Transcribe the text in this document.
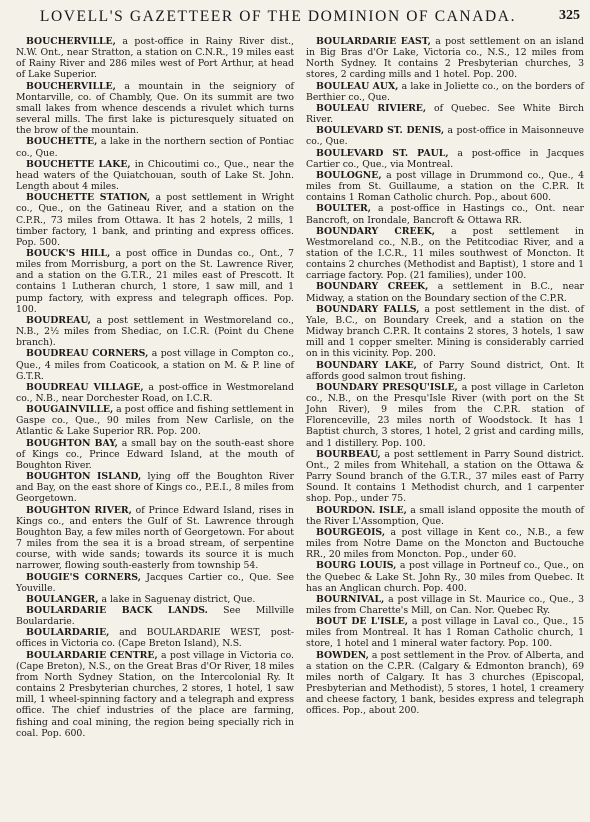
LOVELL'S GAZETTEER OF THE DOMINION OF CANADA.	325

BOUCHERVILLE, a post-office in Rainy River dist., N.W. Ont., near Stratton, a station on C.N.R., 19 miles east of Rainy River and 286 miles west of Port Arthur, at head of Lake Superior.

BOUCHERVILLE, a mountain in the seigniory of Montarville, co. of Chambly, Que. On its summit are two small lakes from whence descends a rivulet which turns several mills. The first lake is picturesquely situated on the brow of the mountain.

BOUCHETTE, a lake in the northern section of Pontiac co., Que.

BOUCHETTE LAKE, in Chicoutimi co., Que., near the head waters of the Quiatchouan, south of Lake St. John. Length about 4 miles.

BOUCHETTE STATION, a post settlement in Wright co., Que., on the Gatineau River, and a station on the C.P.R., 73 miles from Ottawa. It has 2 hotels, 2 mills, 1 timber factory, 1 bank, and printing and express offices. Pop. 500.

BOUCK'S HILL, a post office in Dundas co., Ont., 7 miles from Morrisburg, a port on the St. Lawrence River, and a station on the G.T.R., 21 miles east of Prescott. It contains 1 Lutheran church, 1 store, 1 saw mill, and 1 pump factory, with express and telegraph offices. Pop. 100.

BOUDREAU, a post settlement in Westmoreland co., N.B., 2½ miles from Shediac, on I.C.R. (Point du Chene branch).

BOUDREAU CORNERS, a post village in Compton co., Que., 4 miles from Coaticook, a station on M. & P. line of G.T.R.

BOUDREAU VILLAGE, a post-office in Westmoreland co., N.B., near Dorchester Road, on I.C.R.

BOUGAINVILLE, a post office and fishing settlement in Gaspe co., Que., 90 miles from New Carlisle, on the Atlantic & Lake Superior RR. Pop. 200.

BOUGHTON BAY, a small bay on the south-east shore of Kings co., Prince Edward Island, at the mouth of Boughton River.

BOUGHTON ISLAND, lying off the Boughton River and Bay, on the east shore of Kings co., P.E.I., 8 miles from Georgetown.

BOUGHTON RIVER, of Prince Edward Island, rises in Kings co., and enters the Gulf of St. Lawrence through Boughton Bay, a few miles north of Georgetown. For about 7 miles from the sea it is a broad stream, of serpentine course, with wide sands; towards its source it is much narrower, flowing south-easterly from township 54.

BOUGIE'S CORNERS, Jacques Cartier co., Que. See Youville.

BOULANGER, a lake in Saguenay district, Que.

BOULARDARIE BACK LANDS. See Millville Boulardarie.

BOULARDARIE, and BOULARDARIE WEST, post-offices in Victoria co. (Cape Breton Island), N.S.

BOULARDARIE CENTRE, a post village in Victoria co. (Cape Breton), N.S., on the Great Bras d'Or River, 18 miles from North Sydney Station, on the Intercolonial Ry. It contains 2 Presbyterian churches, 2 stores, 1 hotel, 1 saw mill, 1 wheel-spinning factory and a telegraph and express office. The chief industries of the place are farming, fishing and coal mining, the region being specially rich in coal. Pop. 600.

BOULARDARIE EAST, a post settlement on an island in Big Bras d'Or Lake, Victoria co., N.S., 12 miles from North Sydney. It contains 2 Presbyterian churches, 3 stores, 2 carding mills and 1 hotel. Pop. 200.

BOULEAU AUX, a lake in Joliette co., on the borders of Berthier co., Que.

BOULEAU RIVIERE, of Quebec. See White Birch River.

BOULEVARD ST. DENIS, a post-office in Maisonneuve co., Que.

BOULEVARD ST. PAUL, a post-office in Jacques Cartier co., Que., via Montreal.

BOULOGNE, a post village in Drummond co., Que., 4 miles from St. Guillaume, a station on the C.P.R. It contains 1 Roman Catholic church. Pop., about 600.

BOULTER, a post-office in Hastings co., Ont. near Bancroft, on Irondale, Bancroft & Ottawa RR.

BOUNDARY CREEK, a post settlement in Westmoreland co., N.B., on the Petitcodiac River, and a station of the I.C.R., 11 miles southwest of Moncton. It contains 2 churches (Methodist and Baptist), 1 store and 1 carriage factory. Pop. (21 families), under 100.

BOUNDARY CREEK, a settlement in B.C., near Midway, a station on the Boundary section of the C.P.R.

BOUNDARY FALLS, a post settlement in the dist. of Yale, B.C., on Boundary Creek, and a station on the Midway branch C.P.R. It contains 2 stores, 3 hotels, 1 saw mill and 1 copper smelter. Mining is considerably carried on in this vicinity. Pop. 200.

BOUNDARY LAKE, of Parry Sound district, Ont. It affords good salmon trout fishing.

BOUNDARY PRESQU'ISLE, a post village in Carleton co., N.B., on the Presqu'Isle River (with port on the St John River), 9 miles from the C.P.R. station of Florenceville, 23 miles north of Woodstock. It has 1 Baptist church, 3 stores, 1 hotel, 2 grist and carding mills, and 1 distillery. Pop. 100.

BOURBEAU, a post settlement in Parry Sound district. Ont., 2 miles from Whitehall, a station on the Ottawa & Parry Sound branch of the G.T.R., 37 miles east of Parry Sound. It contains 1 Methodist church, and 1 carpenter shop. Pop., under 75.

BOURDON. ISLE, a small island opposite the mouth of the River L'Assomption, Que.

BOURGEOIS, a post village in Kent co., N.B., a few miles from Notre Dame on the Moncton and Buctouche RR., 20 miles from Moncton. Pop., under 60.

BOURG LOUIS, a post village in Portneuf co., Que., on the Quebec & Lake St. John Ry., 30 miles from Quebec. It has an Anglican church. Pop. 400.

BOURNIVAL, a post village in St. Maurice co., Que., 3 miles from Charette's Mill, on Can. Nor. Quebec Ry.

BOUT DE L'ISLE, a post village in Laval co., Que., 15 miles from Montreal. It has 1 Roman Catholic church, 1 store, 1 hotel and 1 mineral water factory. Pop. 100.

BOWDEN, a post settlement in the Prov. of Alberta, and a station on the C.P.R. (Calgary & Edmonton branch), 69 miles north of Calgary. It has 3 churches (Episcopal, Presbyterian and Methodist), 5 stores, 1 hotel, 1 creamery and cheese factory, 1 bank, besides express and telegraph offices. Pop., about 200.
